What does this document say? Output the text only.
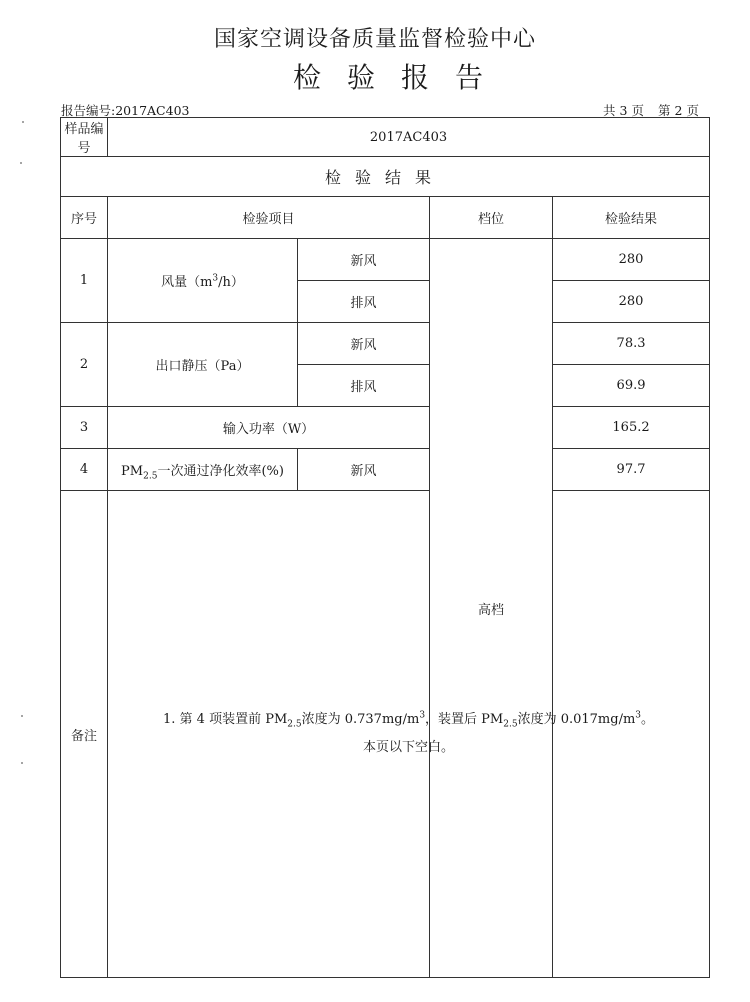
国家空调设备质量监督检验中心
检验报告
报告编号:2017AC403	共 3 页 第 2 页
样品编号	2017AC403			
检验结果				
序号	检验项目		档位	检验结果
1	风量$(m^3/h)$	新风	高档	280
		排风		280
2	出口静压（Pa）	新风		78.3
		排风		69.9
3	输入功率（W）			165.2
4	$PM_{2.5}$一次通过净化效率(%)	新风		97.7
备注	1. 第 4 项装置前 $PM_{2.5}$浓度为 $0.737mg/m^3$，装置后 $PM_{2.5}$浓度为 $0.017mg/m^3$。
本页以下空白。			
